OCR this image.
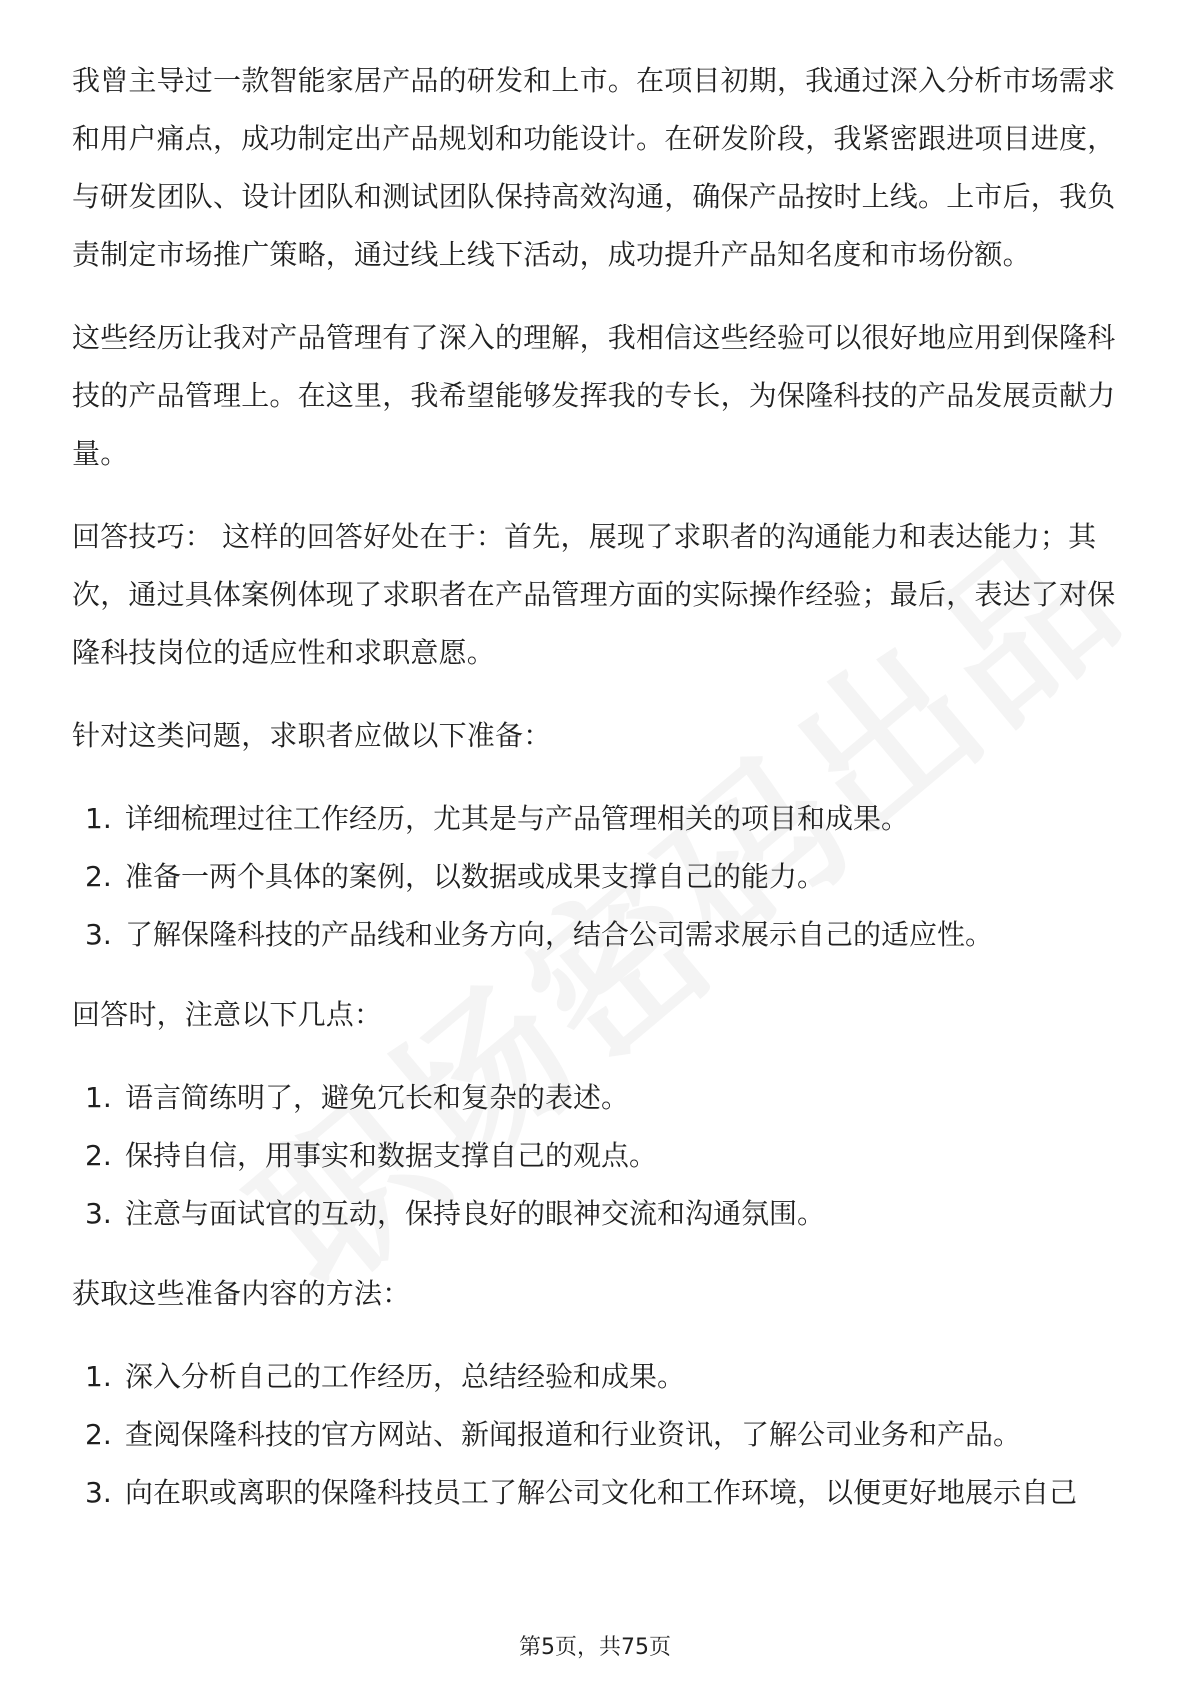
我曾主导过一款智能家居产品的研发和上市。在项目初期，我通过深入分析市场需求和用户痛点，成功制定出产品规划和功能设计。在研发阶段，我紧密跟进项目进度，与研发团队、设计团队和测试团队保持高效沟通，确保产品按时上线。上市后，我负责制定市场推广策略，通过线上线下活动，成功提升产品知名度和市场份额。

这些经历让我对产品管理有了深入的理解，我相信这些经验可以很好地应用到保隆科技的产品管理上。在这里，我希望能够发挥我的专长，为保隆科技的产品发展贡献力量。

回答技巧： 这样的回答好处在于：首先，展现了求职者的沟通能力和表达能力；其次，通过具体案例体现了求职者在产品管理方面的实际操作经验；最后，表达了对保隆科技岗位的适应性和求职意愿。

针对这类问题，求职者应做以下准备：

1. 详细梳理过往工作经历，尤其是与产品管理相关的项目和成果。
2. 准备一两个具体的案例，以数据或成果支撑自己的能力。
3. 了解保隆科技的产品线和业务方向，结合公司需求展示自己的适应性。

回答时，注意以下几点：

1. 语言简练明了，避免冗长和复杂的表述。
2. 保持自信，用事实和数据支撑自己的观点。
3. 注意与面试官的互动，保持良好的眼神交流和沟通氛围。

获取这些准备内容的方法：

1. 深入分析自己的工作经历，总结经验和成果。
2. 查阅保隆科技的官方网站、新闻报道和行业资讯，了解公司业务和产品。
3. 向在职或离职的保隆科技员工了解公司文化和工作环境，以便更好地展示自己
第5页，共75页
